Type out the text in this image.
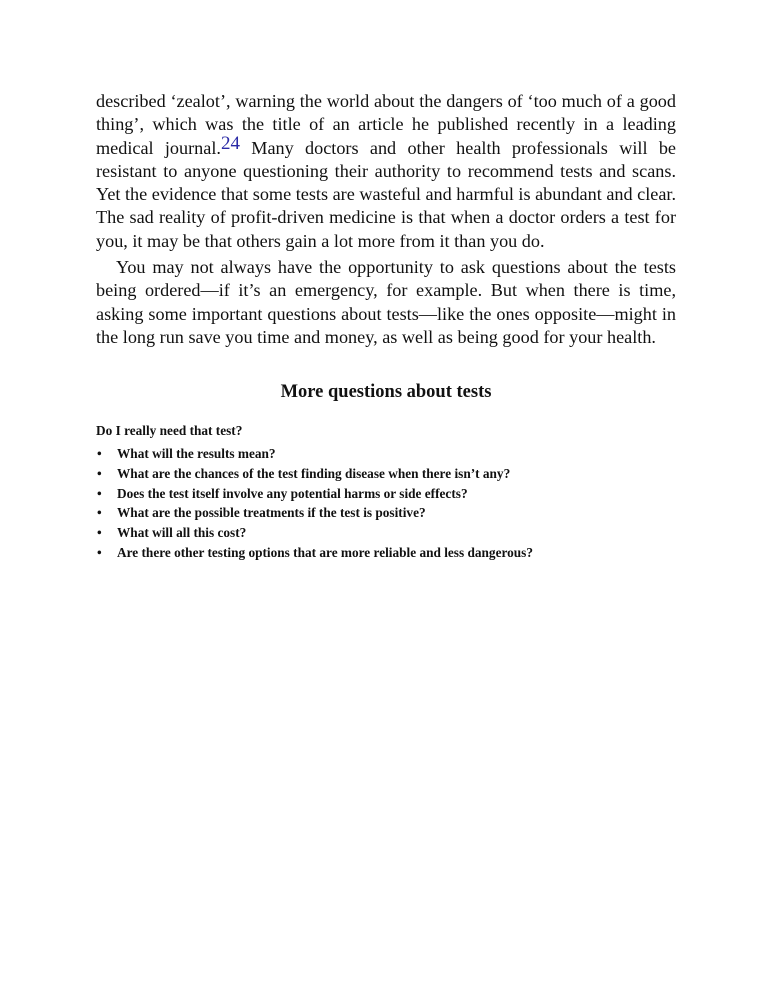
described ‘zealot’, warning the world about the dangers of ‘too much of a good thing’, which was the title of an article he published recently in a leading medical journal.24 Many doctors and other health professionals will be resistant to anyone questioning their authority to recommend tests and scans. Yet the evidence that some tests are wasteful and harmful is abundant and clear. The sad reality of profit-driven medicine is that when a doctor orders a test for you, it may be that others gain a lot more from it than you do.

You may not always have the opportunity to ask questions about the tests being ordered—if it’s an emergency, for example. But when there is time, asking some important questions about tests—like the ones opposite—might in the long run save you time and money, as well as being good for your health.

More questions about tests
Do I really need that test?
• What will the results mean?
• What are the chances of the test finding disease when there isn’t any?
• Does the test itself involve any potential harms or side effects?
• What are the possible treatments if the test is positive?
• What will all this cost?
• Are there other testing options that are more reliable and less dangerous?
